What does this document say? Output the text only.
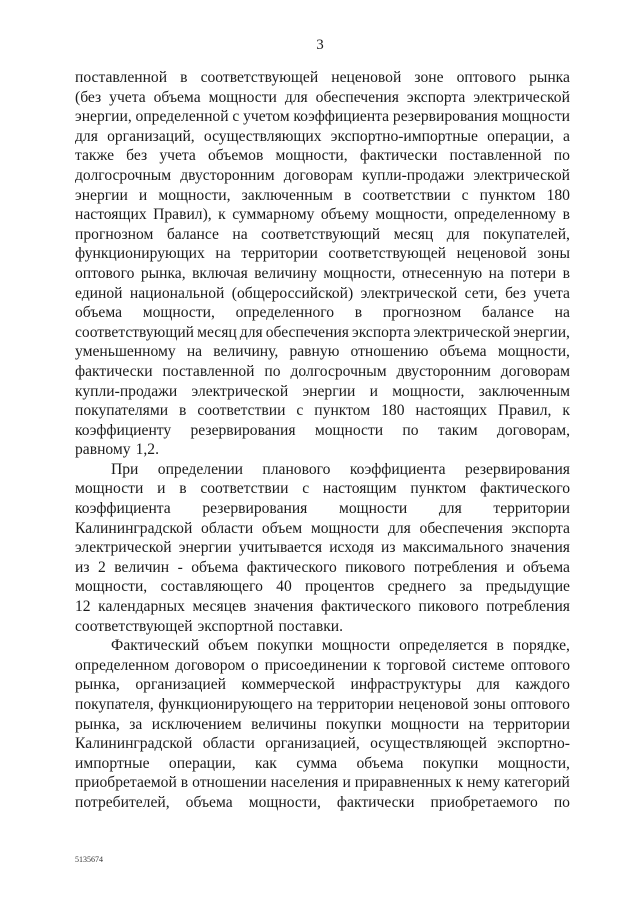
3
поставленной в соответствующей неценовой зоне оптового рынка
(без учета объема мощности для обеспечения экспорта электрической
энергии, определенной с учетом коэффициента резервирования мощности
для организаций, осуществляющих экспортно-импортные операции, а
также без учета объемов мощности, фактически поставленной по
долгосрочным двусторонним договорам купли-продажи электрической
энергии и мощности, заключенным в соответствии с пунктом 180
настоящих Правил), к суммарному объему мощности, определенному в
прогнозном балансе на соответствующий месяц для покупателей,
функционирующих на территории соответствующей неценовой зоны
оптового рынка, включая величину мощности, отнесенную на потери в
единой национальной (общероссийской) электрической сети, без учета
объема мощности, определенного в прогнозном балансе на
соответствующий месяц для обеспечения экспорта электрической энергии,
уменьшенному на величину, равную отношению объема мощности,
фактически поставленной по долгосрочным двусторонним договорам
купли-продажи электрической энергии и мощности, заключенным
покупателями в соответствии с пунктом 180 настоящих Правил, к
коэффициенту резервирования мощности по таким договорам,
равному 1,2.
При определении планового коэффициента резервирования
мощности и в соответствии с настоящим пунктом фактического
коэффициента резервирования мощности для территории
Калининградской области объем мощности для обеспечения экспорта
электрической энергии учитывается исходя из максимального значения
из 2 величин - объема фактического пикового потребления и объема
мощности, составляющего 40 процентов среднего за предыдущие
12 календарных месяцев значения фактического пикового потребления
соответствующей экспортной поставки.
Фактический объем покупки мощности определяется в порядке,
определенном договором о присоединении к торговой системе оптового
рынка, организацией коммерческой инфраструктуры для каждого
покупателя, функционирующего на территории неценовой зоны оптового
рынка, за исключением величины покупки мощности на территории
Калининградской области организацией, осуществляющей экспортно-
импортные операции, как сумма объема покупки мощности,
приобретаемой в отношении населения и приравненных к нему категорий
потребителей, объема мощности, фактически приобретаемого по
5135674
